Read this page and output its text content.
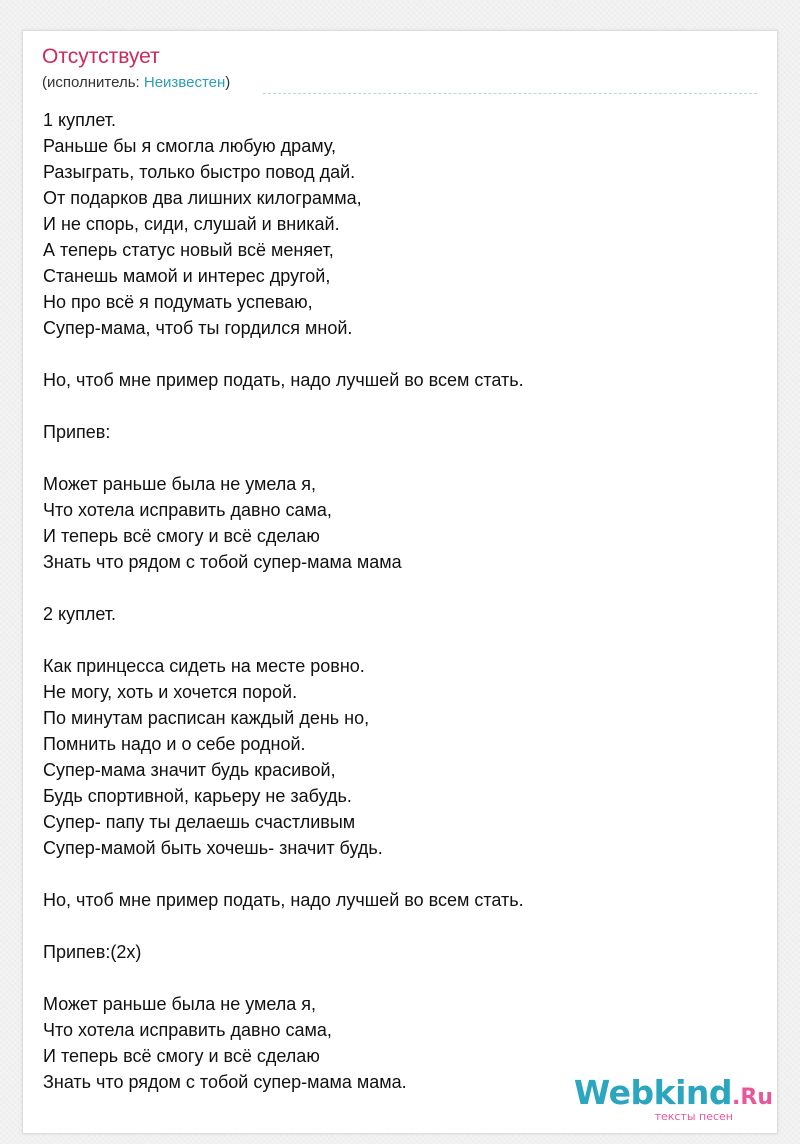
Отсутствует
(исполнитель: Неизвестен)
1 куплет.
Раньше бы я смогла любую драму,
Разыграть, только быстро повод дай.
От подарков два лишних килограмма,
И не спорь, сиди, слушай и вникай.
А теперь статус новый всё меняет,
Станешь мамой и интерес другой,
Но про всё я подумать успеваю,
Супер-мама, чтоб ты гордился мной.

Но, чтоб мне пример подать, надо лучшей во всем стать.

Припев:

Может раньше была не умела я,
Что хотела исправить давно сама,
И теперь всё смогу и всё сделаю
Знать что рядом с тобой супер-мама мама

2 куплет.

Как принцесса сидеть на месте ровно.
Не могу, хоть и хочется порой.
По минутам расписан каждый день но,
Помнить надо и о себе родной.
Супер-мама значит будь красивой,
Будь спортивной, карьеру не забудь.
Супер- папу ты делаешь счастливым
Супер-мамой быть хочешь- значит будь.

Но, чтоб мне пример подать, надо лучшей во всем стать.

Припев:(2х)

Может раньше была не умела я,
Что хотела исправить давно сама,
И теперь всё смогу и всё сделаю
Знать что рядом с тобой супер-мама мама.	Webkind.Ru
тексты песен
